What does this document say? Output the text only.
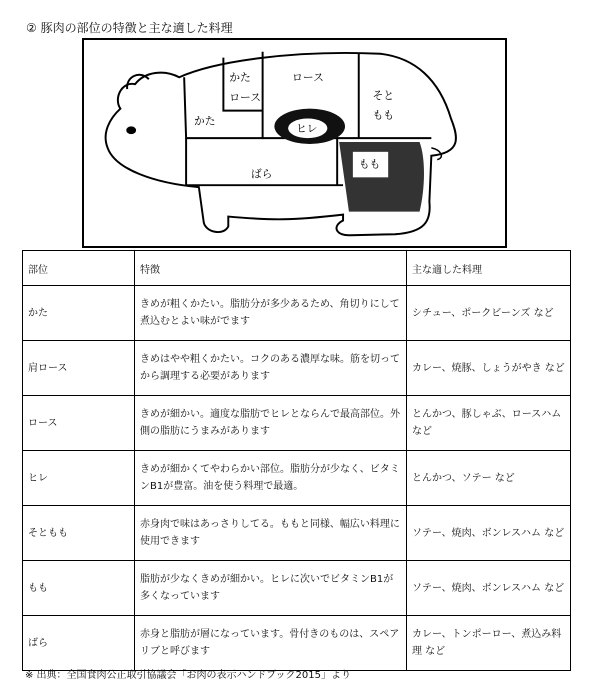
② 豚肉の部位の特徴と主な適した料理
かた
ロース
かた
ロース
ヒレ
そと
もも
もも
ばら
部位	特徴	主な適した料理
かた	きめが粗くかたい。脂肪分が多少あるため、角切りにして煮込むとよい味がでます	シチュー、ポークビーンズ など
肩ロース	きめはやや粗くかたい。コクのある濃厚な味。筋を切ってから調理する必要があります	カレー、焼豚、しょうがやき など
ロース	きめが細かい。適度な脂肪でヒレとならんで最高部位。外側の脂肪にうまみがあります	とんかつ、豚しゃぶ、ロースハム など
ヒレ	きめが細かくてやわらかい部位。脂肪分が少なく、ビタミンB1が豊富。油を使う料理で最適。	とんかつ、ソテー など
そともも	赤身肉で味はあっさりしてる。ももと同様、幅広い料理に使用できます	ソテー、焼肉、ボンレスハム など
もも	脂肪が少なくきめが細かい。ヒレに次いでビタミンB1が多くなっています	ソテー、焼肉、ボンレスハム など
ばら	赤身と脂肪が層になっています。骨付きのものは、スペアリブと呼びます	カレー、トンポーロー、煮込み料理 など
※ 出典：全国食肉公正取引協議会「お肉の表示ハンドブック2015」より
